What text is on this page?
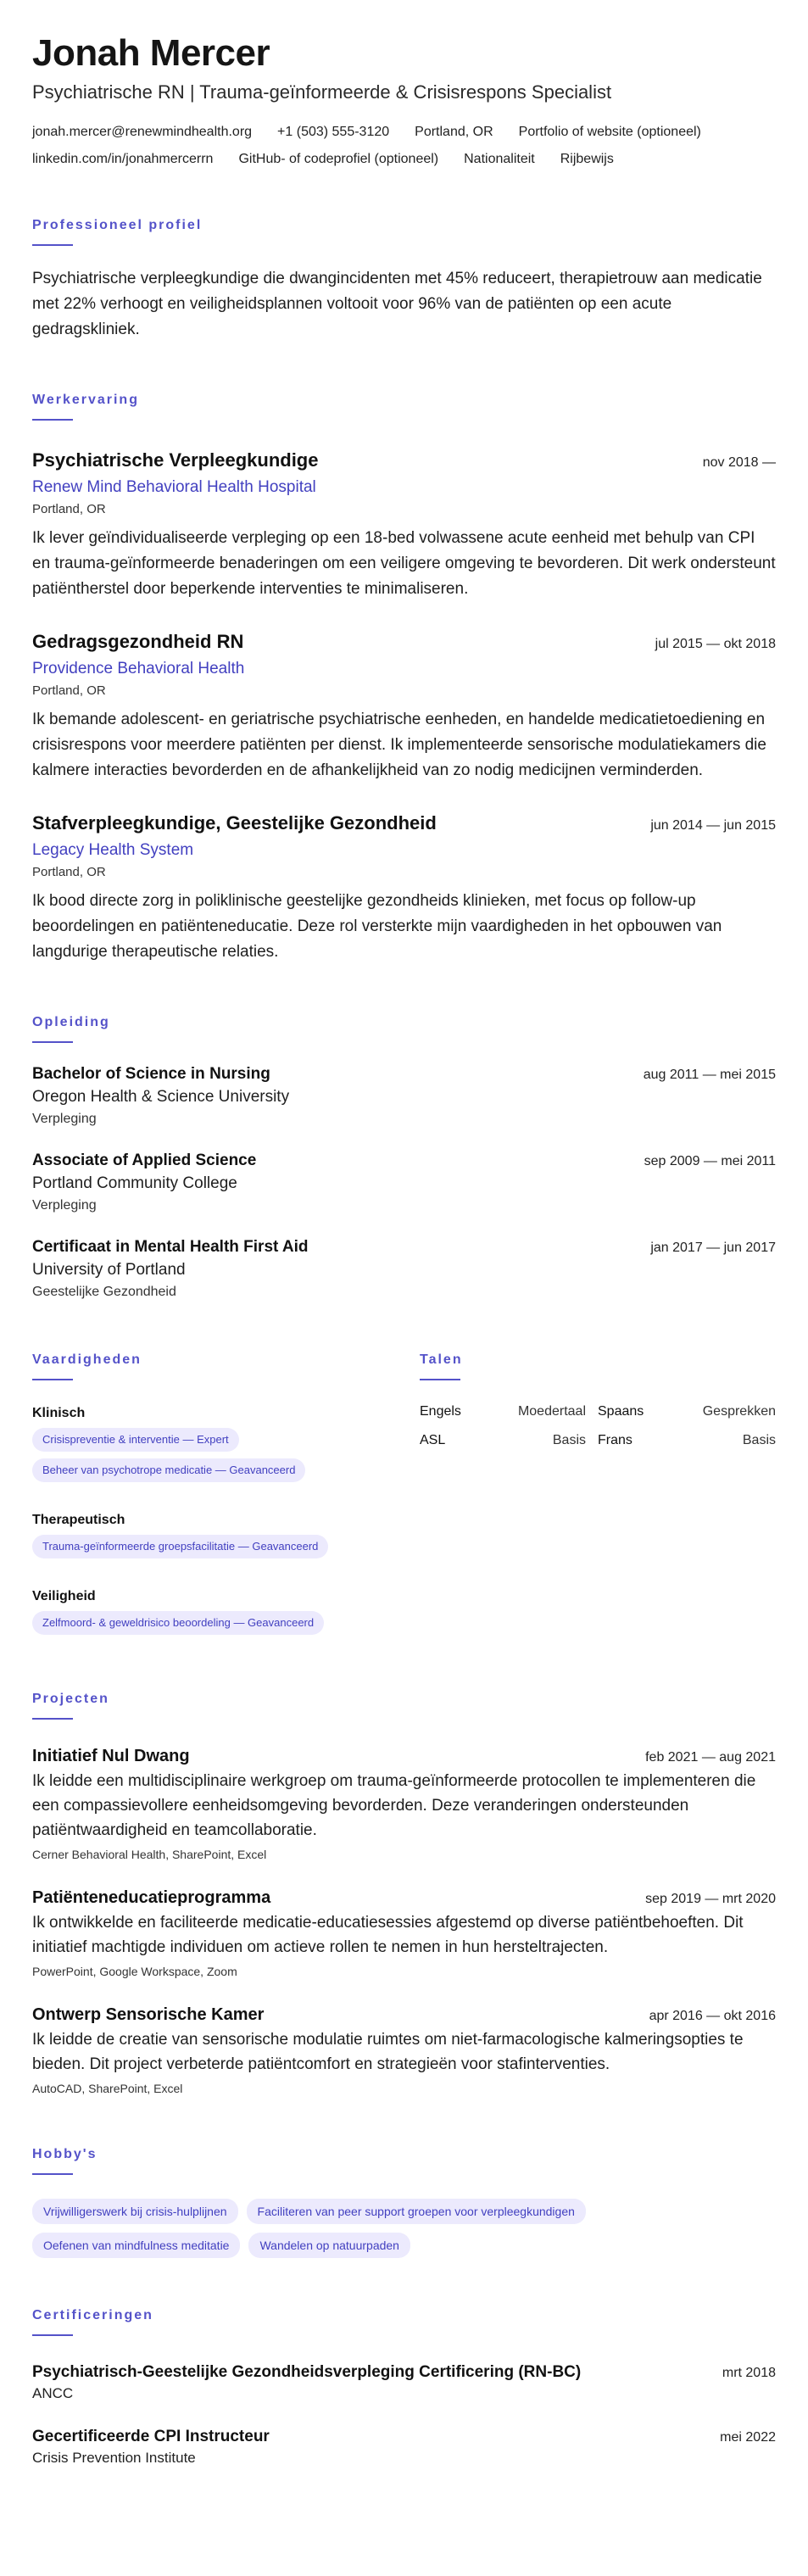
Jonah Mercer
Psychiatrische RN | Trauma-geïnformeerde & Crisisrespons Specialist
jonah.mercer@renewmindhealth.org +1 (503) 555-3120 Portland, OR Portfolio of website (optioneel)
linkedin.com/in/jonahmercerrn GitHub- of codeprofiel (optioneel) Nationaliteit Rijbewijs
Professioneel profiel

Psychiatrische verpleegkundige die dwangincidenten met 45% reduceert, therapietrouw aan medicatie met 22% verhoogt en veiligheidsplannen voltooit voor 96% van de patiënten op een acute gedragskliniek.

Werkervaring
Psychiatrische Verpleegkundige	nov 2018 —
Renew Mind Behavioral Health Hospital
Portland, OR

Ik lever geïndividualiseerde verpleging op een 18-bed volwassene acute eenheid met behulp van CPI en trauma-geïnformeerde benaderingen om een veiligere omgeving te bevorderen. Dit werk ondersteunt patiëntherstel door beperkende interventies te minimaliseren.

Gedragsgezondheid RN	jul 2015 — okt 2018
Providence Behavioral Health
Portland, OR

Ik bemande adolescent- en geriatrische psychiatrische eenheden, en handelde medicatietoediening en crisisrespons voor meerdere patiënten per dienst. Ik implementeerde sensorische modulatiekamers die kalmere interacties bevorderden en de afhankelijkheid van zo nodig medicijnen verminderden.

Stafverpleegkundige, Geestelijke Gezondheid	jun 2014 — jun 2015
Legacy Health System
Portland, OR

Ik bood directe zorg in poliklinische geestelijke gezondheids klinieken, met focus op follow-up beoordelingen en patiënteneducatie. Deze rol versterkte mijn vaardigheden in het opbouwen van langdurige therapeutische relaties.

Opleiding
Bachelor of Science in Nursing	aug 2011 — mei 2015
Oregon Health & Science University
Verpleging
Associate of Applied Science	sep 2009 — mei 2011
Portland Community College
Verpleging
Certificaat in Mental Health First Aid	jan 2017 — jun 2017
University of Portland
Geestelijke Gezondheid
Vaardigheden
Klinisch
Crisispreventie & interventie — Expert
Beheer van psychotrope medicatie — Geavanceerd
Therapeutisch
Trauma-geïnformeerde groepsfacilitatie — Geavanceerd
Veiligheid
Zelfmoord- & geweldrisico beoordeling — Geavanceerd
Talen
Engels	Moedertaal Spaans	Gesprekken
ASL	Basis Frans	Basis
Projecten
Initiatief Nul Dwang	feb 2021 — aug 2021

Ik leidde een multidisciplinaire werkgroep om trauma-geïnformeerde protocollen te implementeren die een compassievollere eenheidsomgeving bevorderden. Deze veranderingen ondersteunden patiëntwaardigheid en teamcollaboratie.

Cerner Behavioral Health, SharePoint, Excel
Patiënteneducatieprogramma	sep 2019 — mrt 2020

Ik ontwikkelde en faciliteerde medicatie-educatiesessies afgestemd op diverse patiëntbehoeften. Dit initiatief machtigde individuen om actieve rollen te nemen in hun hersteltrajecten.

PowerPoint, Google Workspace, Zoom
Ontwerp Sensorische Kamer	apr 2016 — okt 2016

Ik leidde de creatie van sensorische modulatie ruimtes om niet-farmacologische kalmeringsopties te bieden. Dit project verbeterde patiëntcomfort en strategieën voor stafinterventies.

AutoCAD, SharePoint, Excel
Hobby's
Vrijwilligerswerk bij crisis-hulplijnen	Faciliteren van peer support groepen voor verpleegkundigen
Oefenen van mindfulness meditatie	Wandelen op natuurpaden
Certificeringen
Psychiatrisch-Geestelijke Gezondheidsverpleging Certificering (RN-BC)	mrt 2018
ANCC
Gecertificeerde CPI Instructeur	mei 2022
Crisis Prevention Institute
